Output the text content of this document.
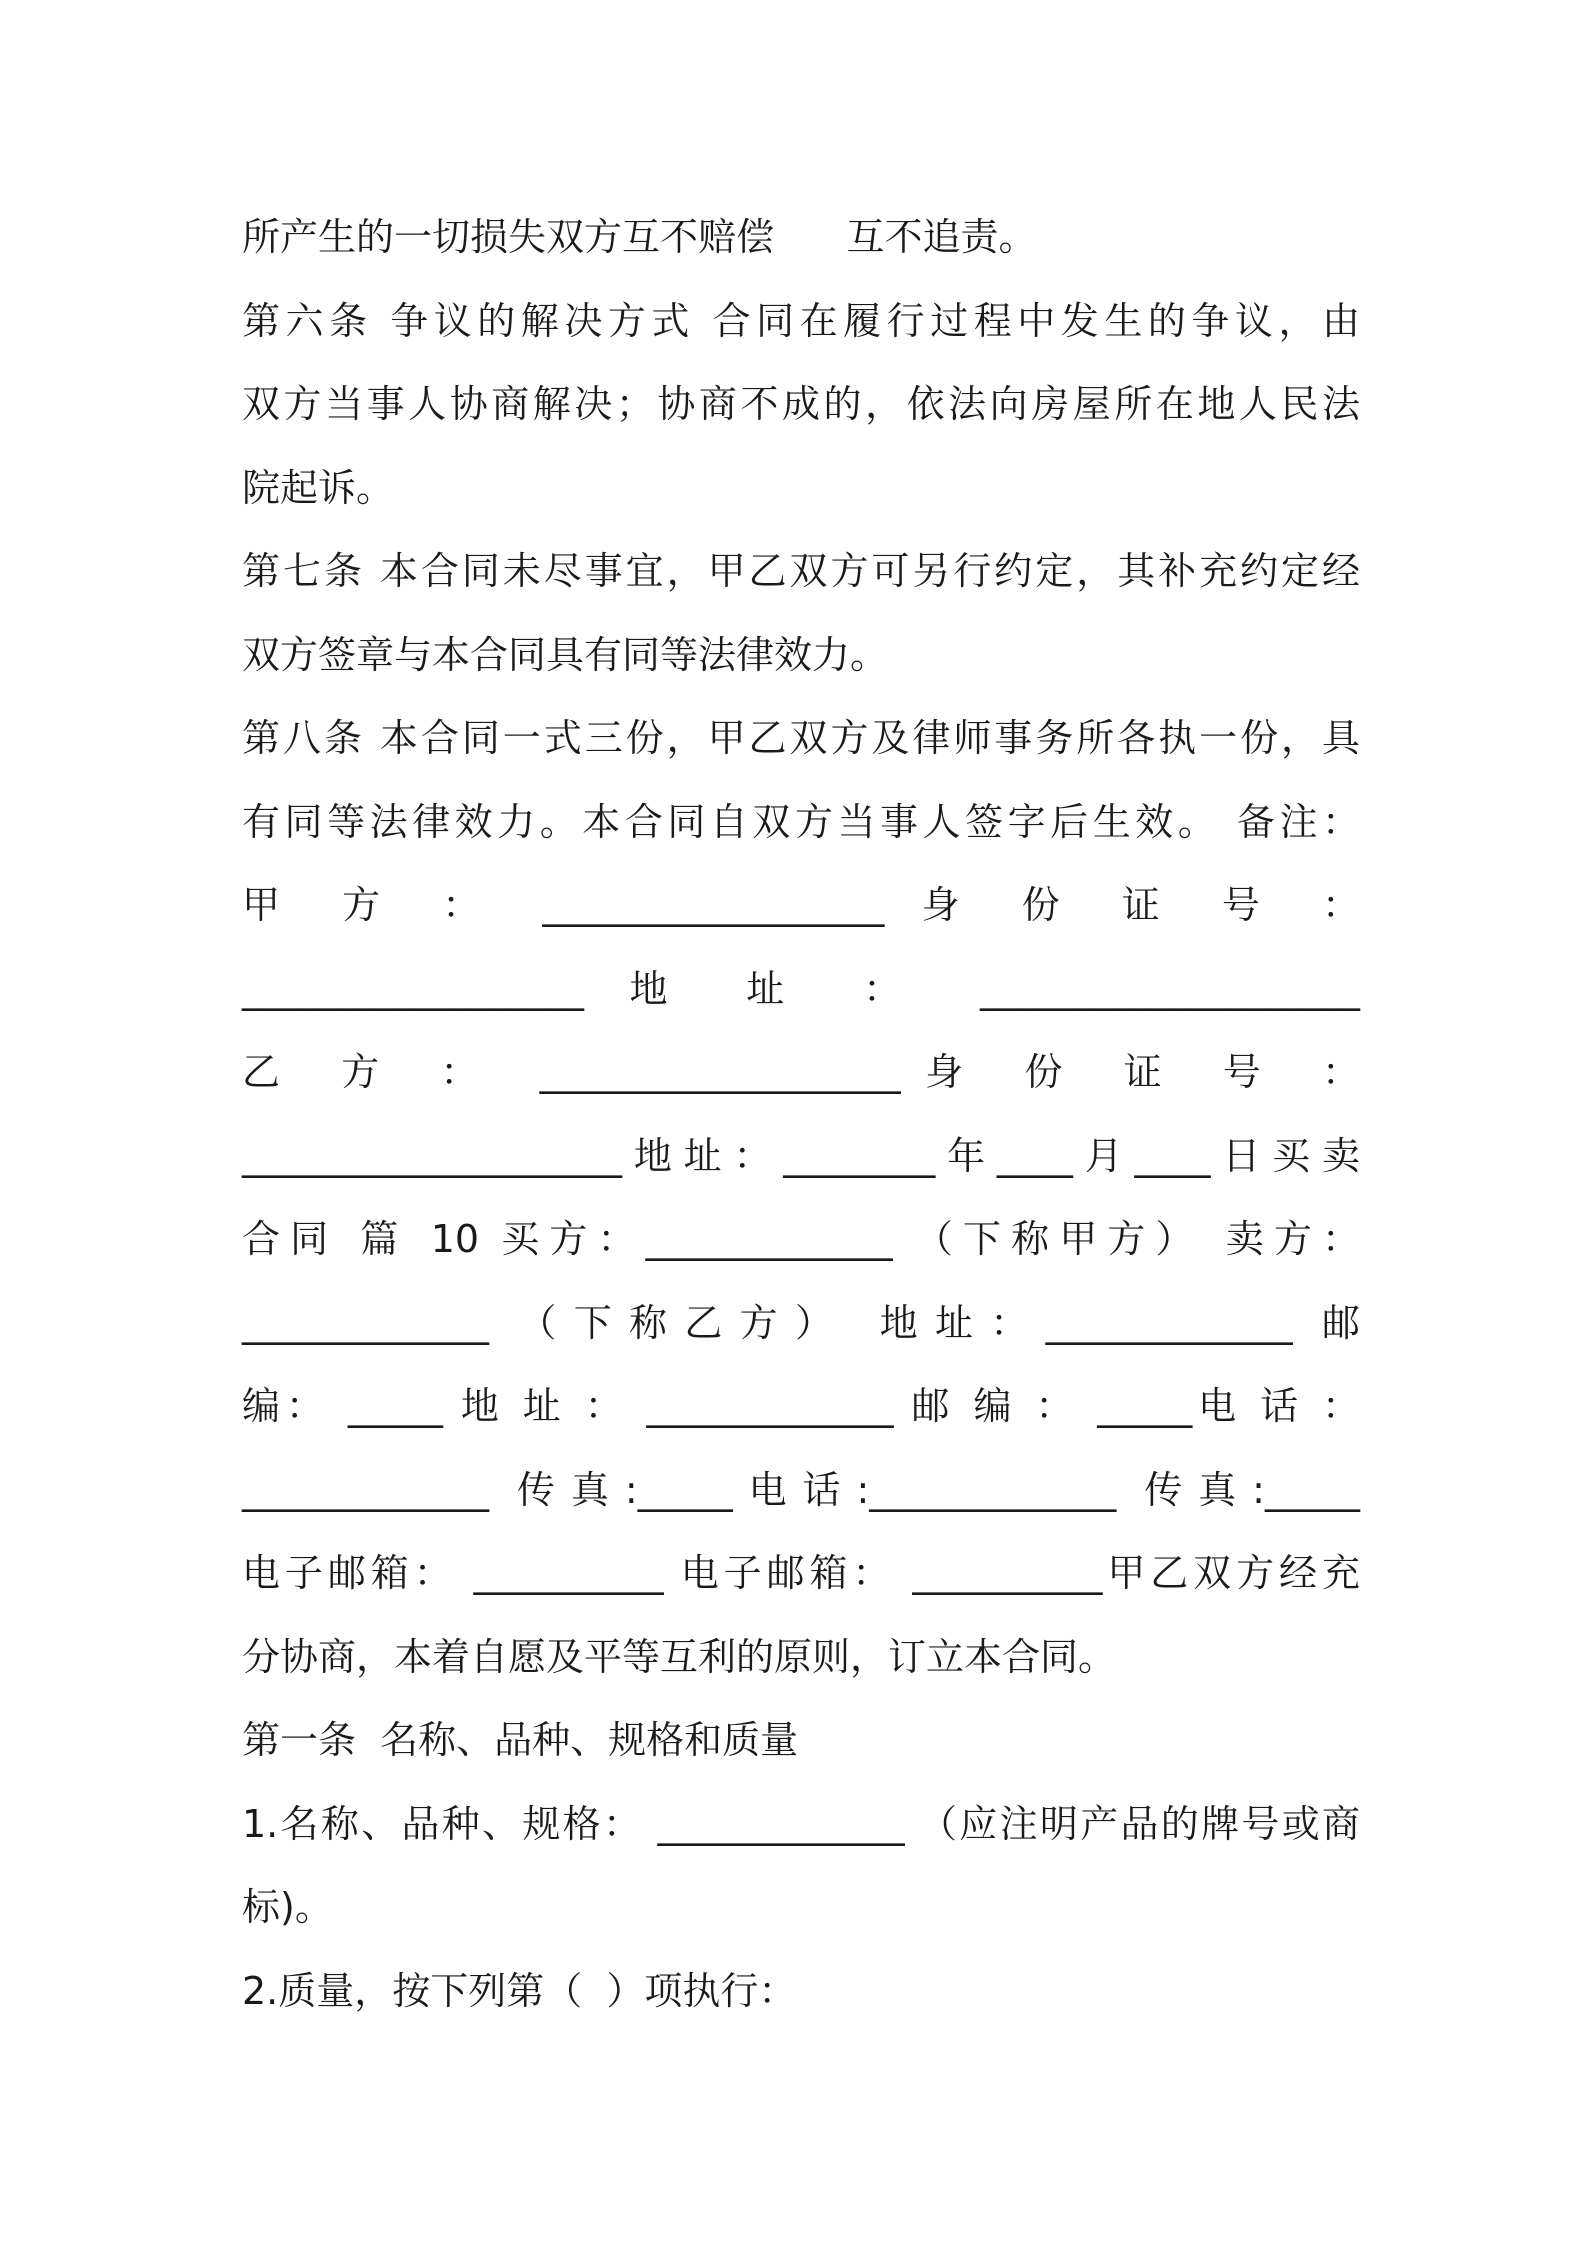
所产生的一切损失双方互不赔偿      互不追责。
第六条 争议的解决方式 合同在履行过程中发生的争议，由
双方当事人协商解决；协商不成的，依法向房屋所在地人民法
院起诉。
第七条 本合同未尽事宜，甲乙双方可另行约定，其补充约定经
双方签章与本合同具有同等法律效力。
第八条 本合同一式三份，甲乙双方及律师事务所各执一份，具
有同等法律效力。本合同自双方当事人签字后生效。 备注：
甲 方 ： __________________ 身 份 证 号 ：
__________________ 地 址 ： ____________________
乙 方 ： ___________________身 份 证 号 ：
____________________地址：________年____月____日买卖
合同 篇 10 买方：_____________ （下称甲方） 卖方：
_____________ （下称乙方） 地址：_____________ 邮
编： _____ 地 址 ： _____________ 邮 编 ： _____电 话 ：
_____________ 传真:_____电话:_____________ 传真:_____
电子邮箱： __________ 电子邮箱： __________甲乙双方经充
分协商，本着自愿及平等互利的原则，订立本合同。
第一条  名称、品种、规格和质量
1.名称、品种、规格： _____________ （应注明产品的牌号或商
标)。
2.质量，按下列第（  ）项执行：
